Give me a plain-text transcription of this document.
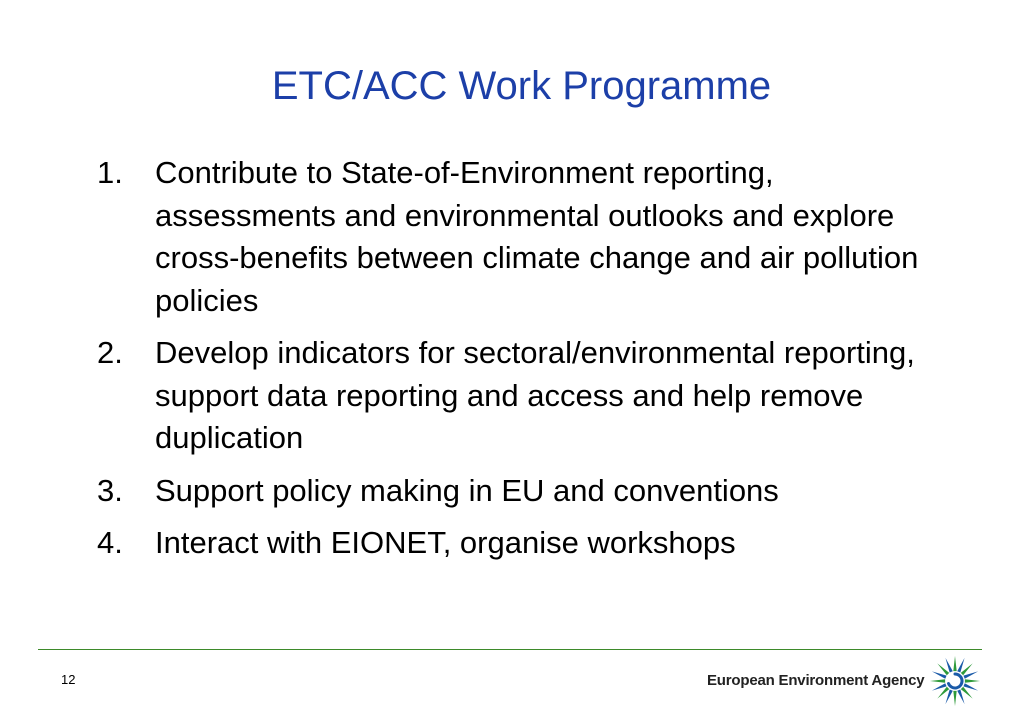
ETC/ACC Work Programme
1. Contribute to State-of-Environment reporting, assessments and environmental outlooks and explore cross-benefits between climate change and air pollution policies
2. Develop indicators for sectoral/environmental reporting, support data reporting and access and help remove duplication
3. Support policy making in EU and conventions
4. Interact with EIONET, organise workshops
12	European Environment Agency
